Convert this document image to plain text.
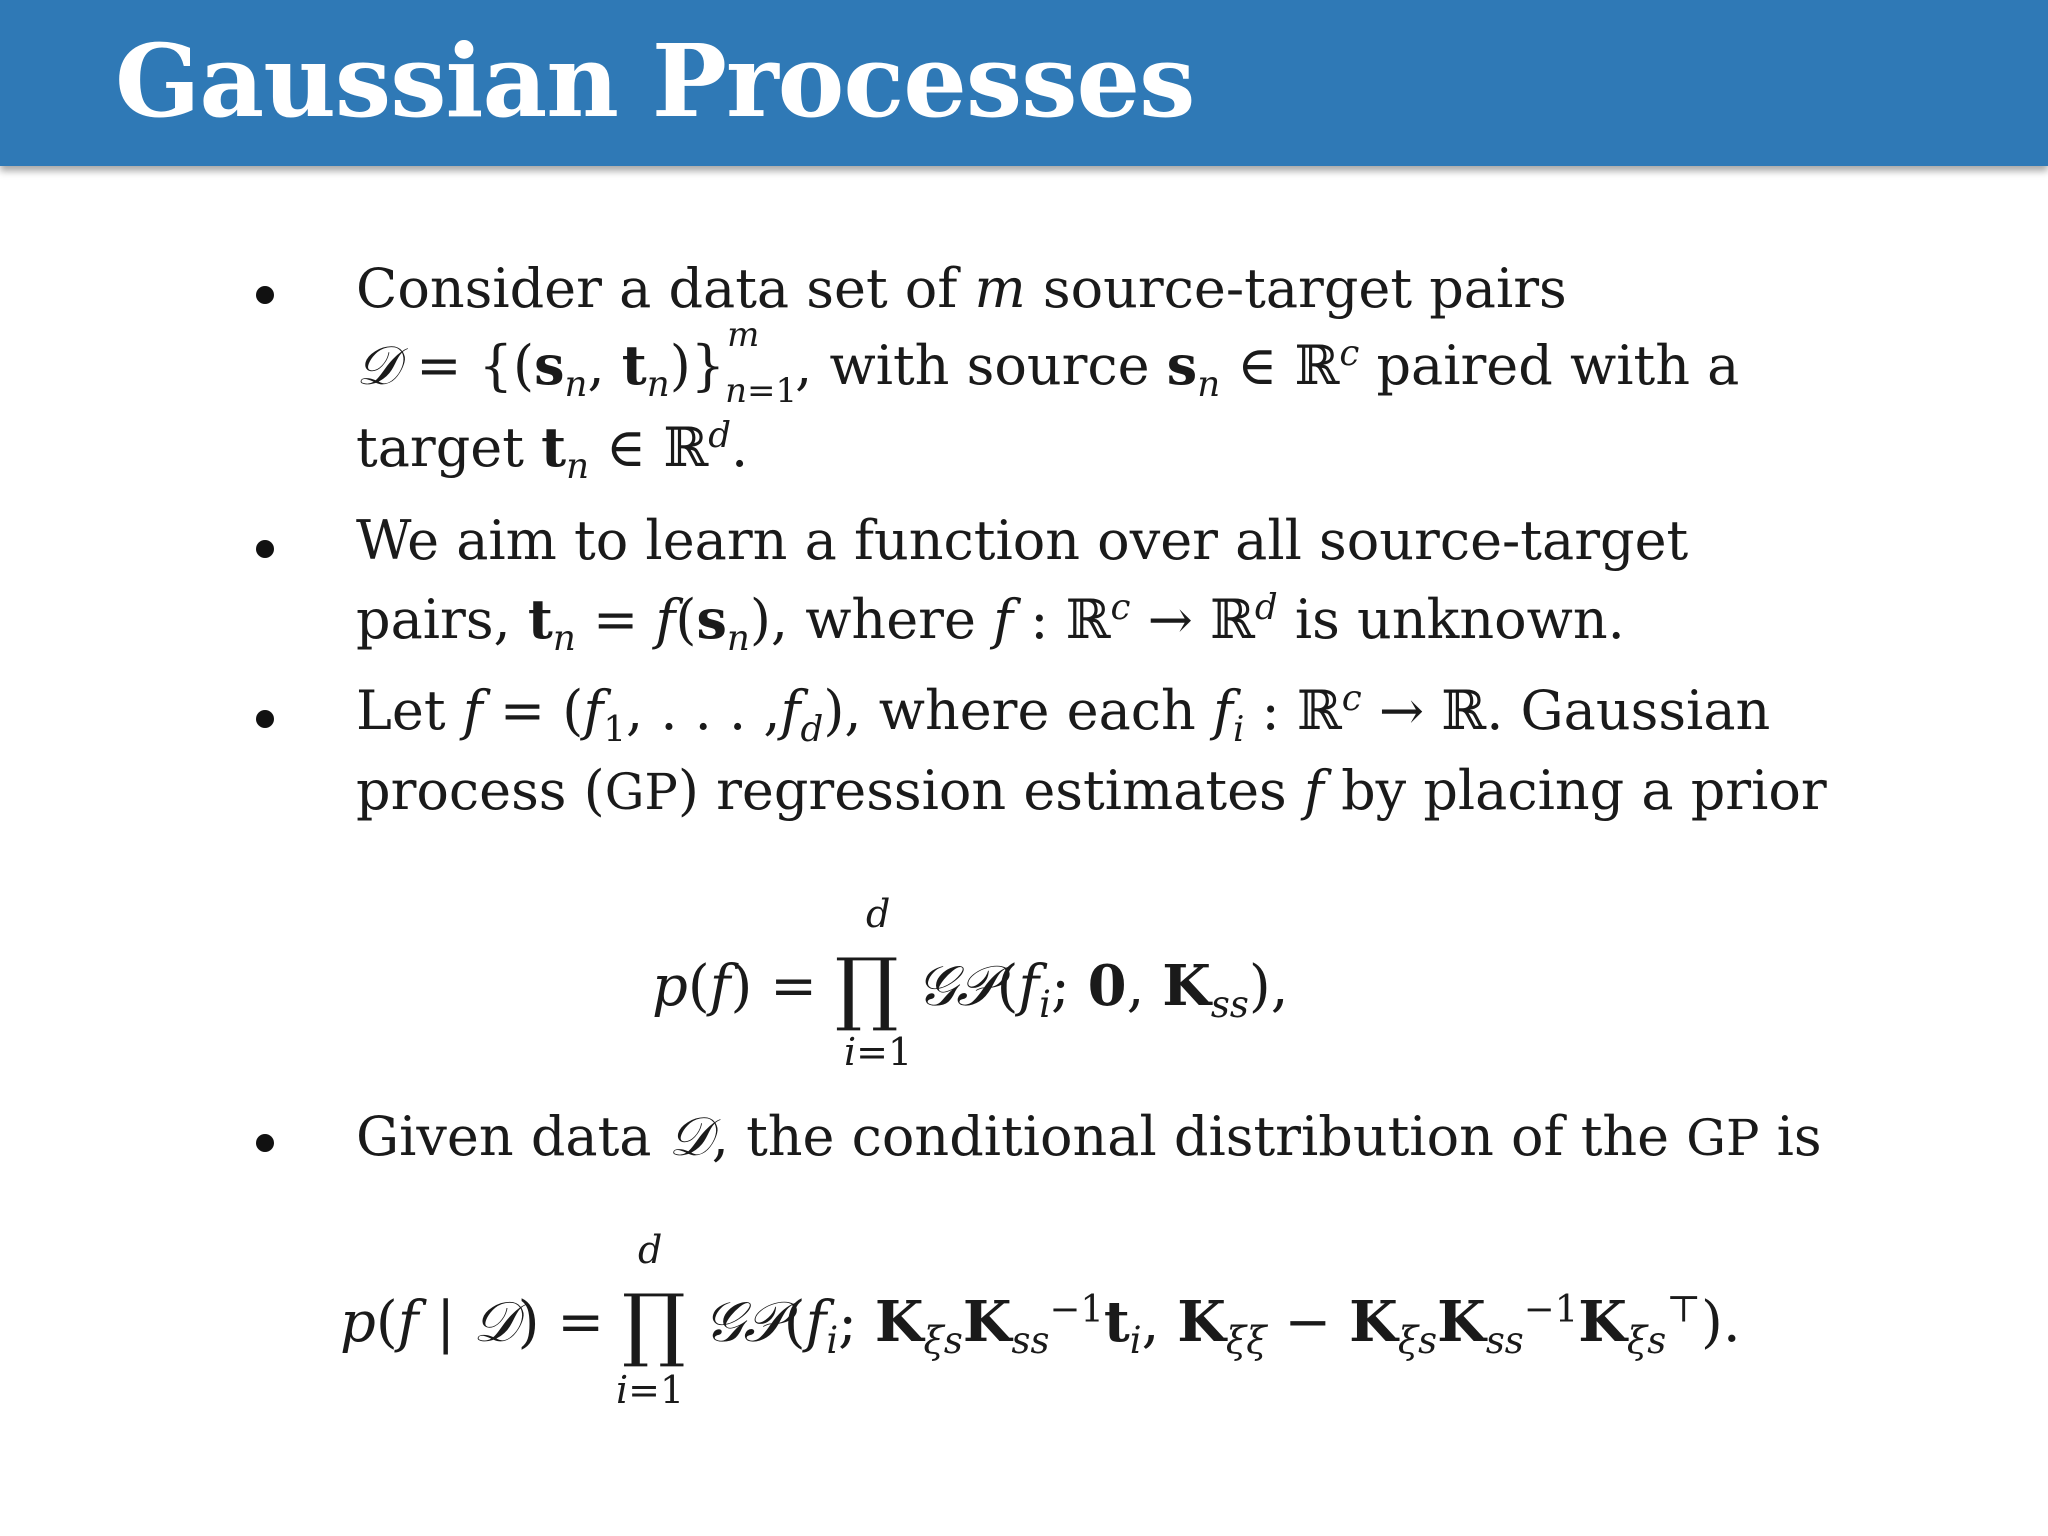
Gaussian Processes
Consider a data set of m source-target pairs
𝒟 = {($s_n$, $t_n$)} m
n=1
, with source $s_n$ ∈ ℝ$^c$ paired with a
target $t_n$ ∈ ℝ$^d$.
We aim to learn a function over all source-target
pairs, $t_n = f(s_n)$, where f : ℝ$^c$ → ℝ$^d$ is unknown.
Let $f = (f_1$, . . . $,f_d$), where each $f_i$ : ℝ$^c$ → ℝ. Gaussian
process (GP) regression estimates f by placing a prior
d
p(f) = ∏ $𝒢𝒫(f_i$; 0, $K_{ss}$),
i=1
Given data 𝒟, the conditional distribution of the GP is
d
p(f | 𝒟) = ∏ $𝒢𝒫(f_i$; $K_{\xi s}K_{ss}^{-1}t_i$, $K_{\xi\xi} - K_{\xi s}K_{ss}^{-1}K_{\xi s}^⊤$).
i=1
